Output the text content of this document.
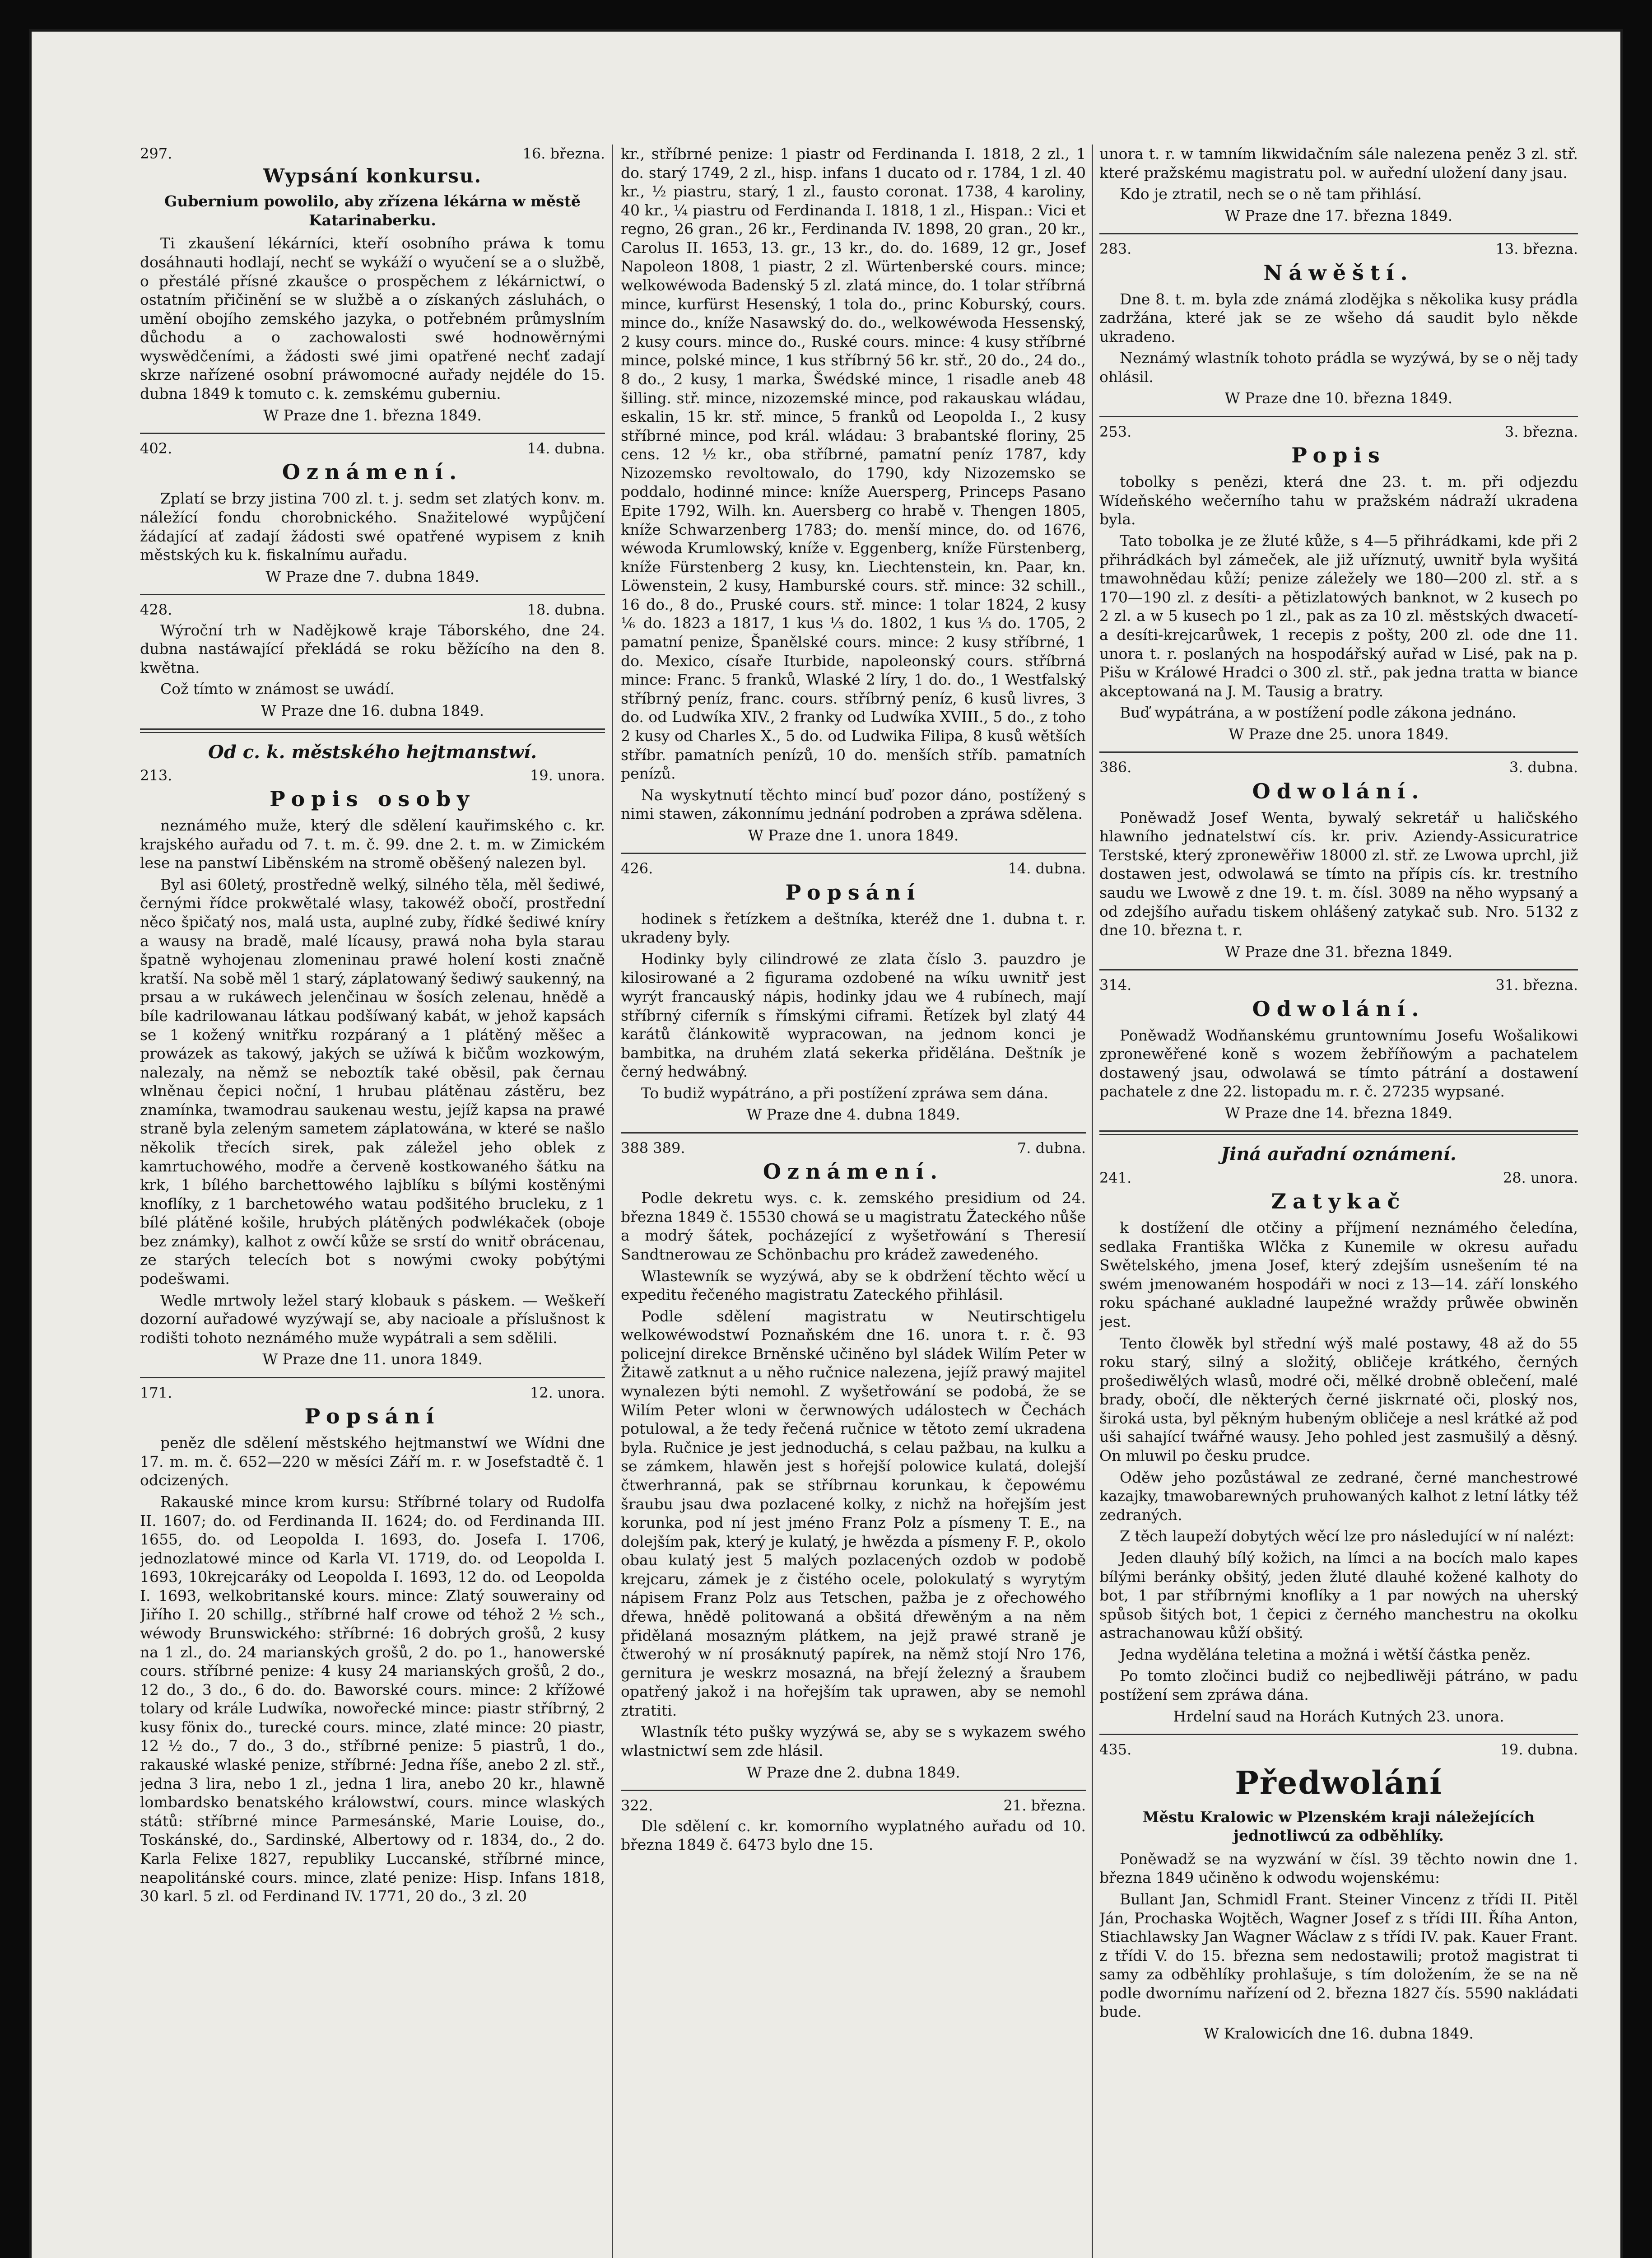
297.	16. března.
Wypsání konkursu.
Gubernium powolilo, aby zřízena lékárna w městě Katarinaberku.

Ti zkaušení lékárníci, kteří osobního práwa k tomu dosáhnauti hodlají, nechť se wykáží o wyučení se a o službě, o přestálé přísné zkaušce o prospěchem z lékárnictwí, o ostatním přičinění se w službě a o získaných zásluhách, o umění obojího zemského jazyka, o potřebném průmyslním důchodu a o zachowalosti swé hodnowěrnými wyswědčeními, a žádosti swé jimi opatřené nechť zadají skrze nařízené osobní práwomocné auřady nejdéle do 15. dubna 1849 k tomuto c. k. zemskému guberniu.

W Praze dne 1. března 1849.
402.	14. dubna.
Oznámení.

Zplatí se brzy jistina 700 zl. t. j. sedm set zlatých konv. m. náležící fondu chorobnického. Snažitelowé wypůjčení žádající ať zadají žádosti swé opatřené wypisem z knih městských ku k. fiskalnímu auřadu.

W Praze dne 7. dubna 1849.
428.	18. dubna.

Wýroční trh w Nadějkowě kraje Táborského, dne 24. dubna nastáwající překládá se roku běžícího na den 8. kwětna.

Což tímto w známost se uwádí.

W Praze dne 16. dubna 1849.
Od c. k. městského hejtmanstwí.
213.	19. unora.
Popis osoby

neznámého muže, který dle sdělení kauřimského c. kr. krajského auřadu od 7. t. m. č. 99. dne 2. t. m. w Zimickém lese na panstwí Liběnském na stromě oběšený nalezen byl.

Byl asi 60letý, prostředně welký, silného těla, měl šediwé, černými řídce prokwětalé wlasy, takowéž obočí, prostřední něco špičatý nos, malá usta, auplné zuby, řídké šediwé kníry a wausy na bradě, malé lícausy, prawá noha byla starau špatně wyhojenau zlomeninau prawé holení kosti značně kratší. Na sobě měl 1 starý, záplatowaný šediwý saukenný, na prsau a w rukáwech jelenčinau w šosích zelenau, hnědě a bíle kadrilowanau látkau podšíwaný kabát, w jehož kapsách se 1 kožený wnitřku rozpáraný a 1 plátěný měšec a prowázek as takowý, jakých se užíwá k bičům wozkowým, nalezaly, na němž se neboztík také oběsil, pak černau wlněnau čepici noční, 1 hrubau plátěnau zástěru, bez znamínka, twamodrau saukenau westu, jejíž kapsa na prawé straně byla zeleným sametem záplatowána, w které se našlo několik třecích sirek, pak záležel jeho oblek z kamrtuchowého, modře a červeně kostkowaného šátku na krk, 1 bílého barchettowého lajblíku s bílými kostěnými knoflíky, z 1 barchetowého watau podšitého brucleku, z 1 bílé plátěné košile, hrubých plátěných podwlékaček (oboje bez známky), kalhot z owčí kůže se srstí do wnitř obrácenau, ze starých telecích bot s nowými cwoky pobýtými podešwami.

Wedle mrtwoly ležel starý klobauk s páskem. — Weškeří dozorní auřadowé wyzýwají se, aby nacioale a příslušnost k rodišti tohoto neznámého muže wypátrali a sem sdělili.

W Praze dne 11. unora 1849.
171.	12. unora.
Popsání

peněz dle sdělení městského hejtmanstwí we Wídni dne 17. m. m. č. 652—220 w měsíci Září m. r. w Josefstadtě č. 1 odcizených.

Rakauské mince krom kursu: Stříbrné tolary od Rudolfa II. 1607; do. od Ferdinanda II. 1624; do. od Ferdinanda III. 1655, do. od Leopolda I. 1693, do. Josefa I. 1706, jednozlatowé mince od Karla VI. 1719, do. od Leopolda I. 1693, 10krejcaráky od Leopolda I. 1693, 12 do. od Leopolda I. 1693, welkobritanské kours. mince: Zlatý souwerainy od Jiřího I. 20 schillg., stříbrné half crowe od téhož 2 ½ sch., wéwody Brunswického: stříbrné: 16 dobrých grošů, 2 kusy na 1 zl., do. 24 marianských grošů, 2 do. po 1., hanowerské cours. stříbrné penize: 4 kusy 24 marianských grošů, 2 do., 12 do., 3 do., 6 do. do. Baworské cours. mince: 2 křížowé tolary od krále Ludwíka, nowořecké mince: piastr stříbrný, 2 kusy fönix do., turecké cours. mince, zlaté mince: 20 piastr, 12 ½ do., 7 do., 3 do., stříbrné penize: 5 piastrů, 1 do., rakauské wlaské penize, stříbrné: Jedna říše, anebo 2 zl. stř., jedna 3 lira, nebo 1 zl., jedna 1 lira, anebo 20 kr., hlawně lombardsko benatského králowstwí, cours. mince wlaských států: stříbrné mince Parmesánské, Marie Louise, do., Toskánské, do., Sardinské, Albertowy od r. 1834, do., 2 do. Karla Felixe 1827, republiky Luccanské, stříbrné mince, neapolitánské cours. mince, zlaté penize: Hisp. Infans 1818, 30 karl. 5 zl. od Ferdinand IV. 1771, 20 do., 3 zl. 20

kr., stříbrné penize: 1 piastr od Ferdinanda I. 1818, 2 zl., 1 do. starý 1749, 2 zl., hisp. infans 1 ducato od r. 1784, 1 zl. 40 kr., ½ piastru, starý, 1 zl., fausto coronat. 1738, 4 karoliny, 40 kr., ¼ piastru od Ferdinanda I. 1818, 1 zl., Hispan.: Vici et regno, 26 gran., 26 kr., Ferdinanda IV. 1898, 20 gran., 20 kr., Carolus II. 1653, 13. gr., 13 kr., do. do. 1689, 12 gr., Josef Napoleon 1808, 1 piastr, 2 zl. Würtenberské cours. mince; welkowéwoda Badenský 5 zl. zlatá mince, do. 1 tolar stříbrná mince, kurfürst Hesenský, 1 tola do., princ Koburský, cours. mince do., kníže Nasawský do. do., welkowéwoda Hessenský, 2 kusy cours. mince do., Ruské cours. mince: 4 kusy stříbrné mince, polské mince, 1 kus stříbrný 56 kr. stř., 20 do., 24 do., 8 do., 2 kusy, 1 marka, Šwédské mince, 1 risadle aneb 48 šilling. stř. mince, nizozemské mince, pod rakauskau wládau, eskalin, 15 kr. stř. mince, 5 franků od Leopolda I., 2 kusy stříbrné mince, pod král. wládau: 3 brabantské floriny, 25 cens. 12 ½ kr., oba stříbrné, pamatní peníz 1787, kdy Nizozemsko revoltowalo, do 1790, kdy Nizozemsko se poddalo, hodinné mince: kníže Auersperg, Princeps Pasano Epite 1792, Wilh. kn. Auersberg co hrabě v. Thengen 1805, kníže Schwarzenberg 1783; do. menší mince, do. od 1676, wéwoda Krumlowský, kníže v. Eggenberg, kníže Fürstenberg, kníže Fürstenberg 2 kusy, kn. Liechtenstein, kn. Paar, kn. Löwenstein, 2 kusy, Hamburské cours. stř. mince: 32 schill., 16 do., 8 do., Pruské cours. stř. mince: 1 tolar 1824, 2 kusy ⅙ do. 1823 a 1817, 1 kus ⅓ do. 1802, 1 kus ⅓ do. 1705, 2 pamatní penize, Španělské cours. mince: 2 kusy stříbrné, 1 do. Mexico, císaře Iturbide, napoleonský cours. stříbrná mince: Franc. 5 franků, Wlaské 2 líry, 1 do. do., 1 Westfalský stříbrný peníz, franc. cours. stříbrný peníz, 6 kusů livres, 3 do. od Ludwíka XIV., 2 franky od Ludwíka XVIII., 5 do., z toho 2 kusy od Charles X., 5 do. od Ludwika Filipa, 8 kusů wětších stříbr. pamatních penízů, 10 do. menších stříb. pamatních penízů.

Na wyskytnutí těchto mincí buď pozor dáno, postížený s nimi stawen, zákonnímu jednání podroben a zpráwa sdělena.

W Praze dne 1. unora 1849.
426.	14. dubna.
Popsání

hodinek s řetízkem a deštníka, kteréž dne 1. dubna t. r. ukradeny byly.

Hodinky byly cilindrowé ze zlata číslo 3. pauzdro je kilosirowané a 2 figurama ozdobené na wíku uwnitř jest wyrýt francauský nápis, hodinky jdau we 4 rubínech, mají stříbrný ciferník s římskými ciframi. Řetízek byl zlatý 44 karátů článkowitě wypracowan, na jednom konci je bambitka, na druhém zlatá sekerka přidělána. Deštník je černý hedwábný.

To budiž wypátráno, a při postížení zpráwa sem dána.

W Praze dne 4. dubna 1849.
388 389.	7. dubna.
Oznámení.

Podle dekretu wys. c. k. zemského presidium od 24. března 1849 č. 15530 chowá se u magistratu Žateckého nůše a modrý šátek, pocházející z wyšetřowání s Theresií Sandtnerowau ze Schönbachu pro krádež zawedeného.

Wlastewník se wyzýwá, aby se k obdržení těchto wěcí u expeditu řečeného magistratu Zateckého přihlásil.

Podle sdělení magistratu w Neutirschtigelu welkowéwodstwí Poznaňském dne 16. unora t. r. č. 93 policejní direkce Brněnské učiněno byl sládek Wilím Peter w Žitawě zatknut a u něho ručnice nalezena, jejíž prawý majitel wynalezen býti nemohl. Z wyšetřowání se podobá, že se Wilím Peter wloni w čerwnowých událostech w Čechách potulowal, a že tedy řečená ručnice w tětoto zemí ukradena byla. Ručnice je jest jednoduchá, s celau pažbau, na kulku a se zámkem, hlawěn jest s hořejší polowice kulatá, dolejší čtwerhranná, pak se stříbrnau korunkau, k čepowému šraubu jsau dwa pozlacené kolky, z nichž na hořejším jest korunka, pod ní jest jméno Franz Polz a písmeny T. E., na dolejším pak, který je kulatý, je hwězda a písmeny F. P., okolo obau kulatý jest 5 malých pozlacených ozdob w podobě krejcaru, zámek je z čistého ocele, polokulatý s wyrytým nápisem Franz Polz aus Tetschen, pažba je z ořechowého dřewa, hnědě politowaná a obšitá dřewěným a na něm přidělaná mosazným plátkem, na jejž prawé straně je čtwerohý w ní prosáknutý papírek, na němž stojí Nro 176, gernitura je weskrz mosazná, na břejí železný a šraubem opatřený jakož i na hořejším tak uprawen, aby se nemohl ztratiti.

Wlastník této pušky wyzýwá se, aby se s wykazem swého wlastnictwí sem zde hlásil.

W Praze dne 2. dubna 1849.
322.	21. března.

Dle sdělení c. kr. komorního wyplatného auřadu od 10. března 1849 č. 6473 bylo dne 15.

unora t. r. w tamním likwidačním sále nalezena peněz 3 zl. stř. které pražskému magistratu pol. w auřední uložení dany jsau.

Kdo je ztratil, nech se o ně tam přihlásí.

W Praze dne 17. března 1849.
283.	13. března.
Náwěští.

Dne 8. t. m. byla zde známá zlodějka s několika kusy prádla zadržána, které jak se ze wšeho dá saudit bylo někde ukradeno.

Neznámý wlastník tohoto prádla se wyzýwá, by se o něj tady ohlásil.

W Praze dne 10. března 1849.
253.	3. března.
Popis

tobolky s penězi, která dne 23. t. m. při odjezdu Wídeňského wečerního tahu w pražském nádraží ukradena byla.

Tato tobolka je ze žluté kůže, s 4—5 přihrádkami, kde při 2 přihrádkách byl zámeček, ale již uříznutý, uwnitř byla wyšitá tmawohnědau kůží; penize záležely we 180—200 zl. stř. a s 170—190 zl. z desíti- a pětizlatowých banknot, w 2 kusech po 2 zl. a w 5 kusech po 1 zl., pak as za 10 zl. městských dwacetí-a desíti-krejcarůwek, 1 recepis z pošty, 200 zl. ode dne 11. unora t. r. poslaných na hospodářský auřad w Lisé, pak na p. Pišu w Králowé Hradci o 300 zl. stř., pak jedna tratta w biance akceptowaná na J. M. Tausig a bratry.

Buď wypátrána, a w postížení podle zákona jednáno.

W Praze dne 25. unora 1849.
386.	3. dubna.
Odwolání.

Poněwadž Josef Wenta, bywalý sekretář u haličského hlawního jednatelstwí cís. kr. priv. Aziendy-Assicuratrice Terstské, který zpronewěřiw 18000 zl. stř. ze Lwowa uprchl, již dostawen jest, odwolawá se tímto na přípis cís. kr. trestního saudu we Lwowě z dne 19. t. m. čísl. 3089 na něho wypsaný a od zdejšího auřadu tiskem ohlášený zatykač sub. Nro. 5132 z dne 10. března t. r.

W Praze dne 31. března 1849.
314.	31. března.
Odwolání.

Poněwadž Wodňanskému gruntownímu Josefu Wošalikowi zpronewěřené koně s wozem žebříňowým a pachatelem dostawený jsau, odwolawá se tímto pátrání a dostawení pachatele z dne 22. listopadu m. r. č. 27235 wypsané.

W Praze dne 14. března 1849.
Jiná auřadní oznámení.
241.	28. unora.
Zatykač

k dostížení dle otčiny a příjmení neznámého čeledína, sedlaka Františka Wlčka z Kunemile w okresu auřadu Swětelského, jmena Josef, který zdejším usnešením té na swém jmenowaném hospodáři w noci z 13—14. září lonského roku spáchané aukladné laupežné wraždy průwěe obwiněn jest.

Tento člowěk byl střední wýš malé postawy, 48 až do 55 roku starý, silný a složitý, obličeje krátkého, černých prošediwělých wlasů, modré oči, mělké drobně oblečení, malé brady, obočí, dle některých černé jiskrnaté oči, ploský nos, široká usta, byl pěkným hubeným obličeje a nesl krátké až pod uši sahající twářné wausy. Jeho pohled jest zasmušilý a děsný. On mluwil po česku prudce.

Oděw jeho pozůstáwal ze zedrané, černé manchestrowé kazajky, tmawobarewných pruhowaných kalhot z letní látky též zedraných.

Z těch laupeží dobytých wěcí lze pro následující w ní nalézt:

Jeden dlauhý bílý kožich, na límci a na bocích malo kapes bílými beránky obšitý, jeden žluté dlauhé kožené kalhoty do bot, 1 par stříbrnými knoflíky a 1 par nowých na uherský spůsob šitých bot, 1 čepici z černého manchestru na okolku astrachanowau kůží obšitý.

Jedna wydělána teletina a možná i wětší částka peněz.

Po tomto zločinci budiž co nejbedliwěji pátráno, w padu postížení sem zpráwa dána.

Hrdelní saud na Horách Kutných 23. unora.
435.	19. dubna.
Předwolání
Městu Kralowic w Plzenském kraji náležejících jednotliwcú za odběhlíky.

Poněwadž se na wyzwání w čísl. 39 těchto nowin dne 1. března 1849 učiněno k odwodu wojenskému:

Bullant Jan, Schmidl Frant. Steiner Vincenz z třídi II. Pitěl Ján, Prochaska Wojtěch, Wagner Josef z s třídi III. Říha Anton, Stiachlawsky Jan Wagner Wáclaw z s třídi IV. pak. Kauer Frant. z třídi V. do 15. března sem nedostawili; protož magistrat ti samy za odběhlíky prohlašuje, s tím doložením, že se na ně podle dwornímu nařízení od 2. března 1827 čís. 5590 nakládati bude.

W Kralowicích dne 16. dubna 1849.
